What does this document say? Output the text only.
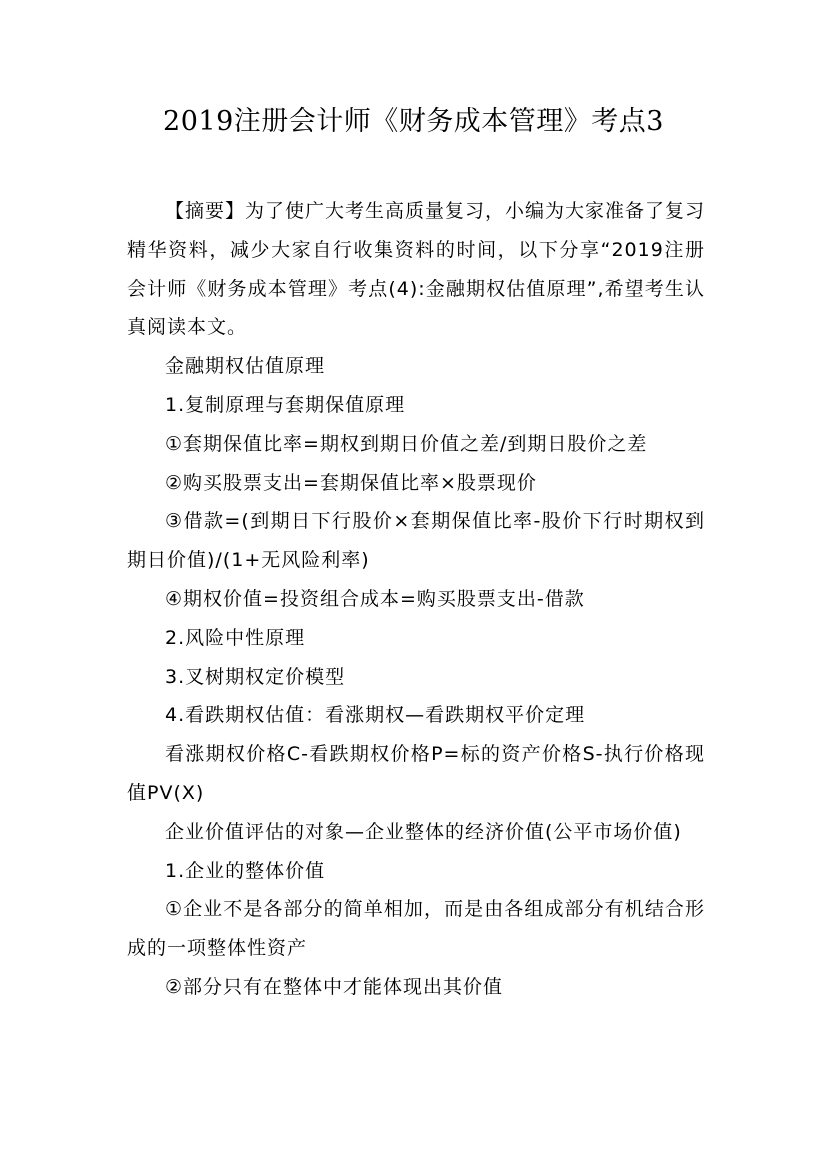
2019注册会计师《财务成本管理》考点3

【摘要】为了使广大考生高质量复习，小编为大家准备了复习精华资料，减少大家自行收集资料的时间，以下分享“2019注册会计师《财务成本管理》考点(4):金融期权估值原理”,希望考生认真阅读本文。

金融期权估值原理

1.复制原理与套期保值原理

①套期保值比率=期权到期日价值之差/到期日股价之差

②购买股票支出=套期保值比率×股票现价

③借款=(到期日下行股价×套期保值比率-股价下行时期权到期日价值)/(1+无风险利率)

④期权价值=投资组合成本=购买股票支出-借款

2.风险中性原理

3.叉树期权定价模型

4.看跌期权估值：看涨期权—看跌期权平价定理

看涨期权价格C-看跌期权价格P=标的资产价格S-执行价格现值PV(X)

企业价值评估的对象—企业整体的经济价值(公平市场价值)

1.企业的整体价值

①企业不是各部分的简单相加，而是由各组成部分有机结合形成的一项整体性资产

②部分只有在整体中才能体现出其价值
